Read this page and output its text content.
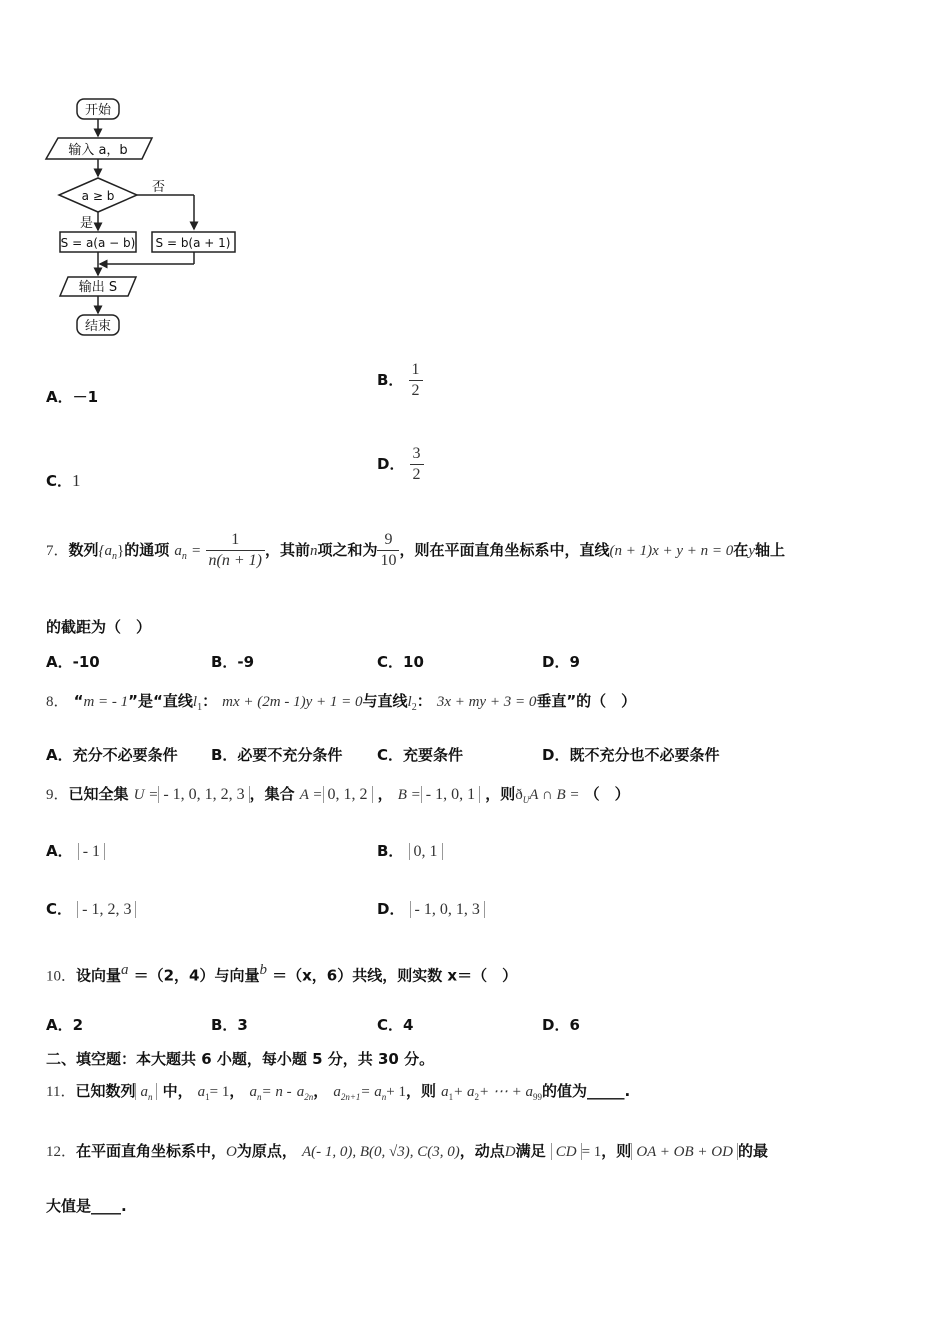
开始
输入 a，b
a ≥ b
否
是
S = a(a − b) S = b(a + 1)
输出 S
结束
A．－1
B． $\frac{1}{2}$
C．1
D． $\frac{3}{2}$
7．数列$\{a_n\}$的通项 $a_n = \frac{1}{n(n + 1)}$ ，其前n项之和为 $\frac{9}{10}$ ，则在平面直角坐标系中，直线(n + 1)x + y + n = 0在y轴上
的截距为（　）
A．-10	B．-9	C．10	D．9
8． “m = - 1”是“直线$l_1$： mx + (2m - 1)y + 1 = 0与直线$l_2$： 3x + my + 3 = 0垂直”的（　）
A．充分不必要条件 B．必要不充分条件 C．充要条件	D．既不充分也不必要条件
9．已知全集 U = - 1, 0, 1, 2, 3 ，集合 A = 0, 1, 2 ， B = - 1, 0, 1 ，则$ð_UA$ ∩ B = （　）
A． - 1	B． 0, 1
C． - 1, 2, 3	D． - 1, 0, 1, 3
10．设向量$^a$ ＝（2，4）与向量$^b$ ＝（x，6）共线，则实数 x＝（　）
A．2	B．3	C．4	D．6
二、填空题：本大题共 6 小题，每小题 5 分，共 30 分。
11．已知数列 $a_n$ 中， $a_1= 1$， $a_n= n - a_{2n}$， $a_{2n+1}= a_n+ 1$，则 $a_1+ a_2+$ ⋯ + $a_{99}$的值为_____.
12．在平面直角坐标系中，O为原点， A(- 1, 0), B(0, √3), C(3, 0)，动点D满足 CD = 1，则 OA + OB + OD 的最
大值是____.
